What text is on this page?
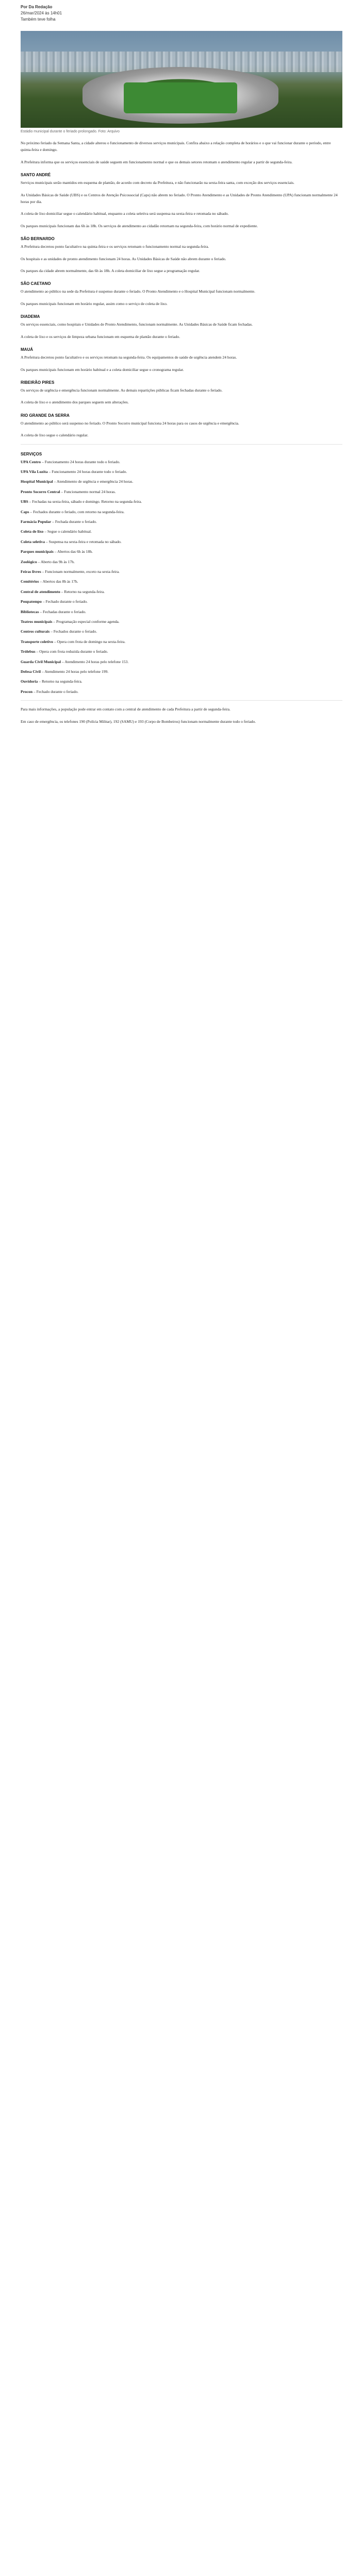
Por Da Redação
26/mar/2024 às 14h01
Também teve folha
Estádio municipal durante o feriado prolongado. Foto: Arquivo

No próximo feriado da Semana Santa, a cidade alterou o funcionamento de diversos serviços municipais. Confira abaixo a relação completa de horários e o que vai funcionar durante o período, entre quinta-feira e domingo.

A Prefeitura informa que os serviços essenciais de saúde seguem em funcionamento normal e que os demais setores retomam o atendimento regular a partir de segunda-feira.

SANTO ANDRÉ

Serviços municipais serão mantidos em esquema de plantão, de acordo com decreto da Prefeitura, e não funcionarão na sexta-feira santa, com exceção dos serviços essenciais.

As Unidades Básicas de Saúde (UBS) e os Centros de Atenção Psicossocial (Caps) não abrem no feriado. O Pronto Atendimento e as Unidades de Pronto Atendimento (UPA) funcionam normalmente 24 horas por dia.

A coleta de lixo domiciliar segue o calendário habitual, enquanto a coleta seletiva será suspensa na sexta-feira e retomada no sábado.

Os parques municipais funcionam das 6h às 18h. Os serviços de atendimento ao cidadão retornam na segunda-feira, com horário normal de expediente.

SÃO BERNARDO

A Prefeitura decretou ponto facultativo na quinta-feira e os serviços retomam o funcionamento normal na segunda-feira.

Os hospitais e as unidades de pronto atendimento funcionam 24 horas. As Unidades Básicas de Saúde não abrem durante o feriado.

Os parques da cidade abrem normalmente, das 6h às 18h. A coleta domiciliar de lixo segue a programação regular.

SÃO CAETANO

O atendimento ao público na sede da Prefeitura é suspenso durante o feriado. O Pronto Atendimento e o Hospital Municipal funcionam normalmente.

Os parques municipais funcionam em horário regular, assim como o serviço de coleta de lixo.

DIADEMA

Os serviços essenciais, como hospitais e Unidades de Pronto Atendimento, funcionam normalmente. As Unidades Básicas de Saúde ficam fechadas.

A coleta de lixo e os serviços de limpeza urbana funcionam em esquema de plantão durante o feriado.

MAUÁ

A Prefeitura decretou ponto facultativo e os serviços retomam na segunda-feira. Os equipamentos de saúde de urgência atendem 24 horas.

Os parques municipais funcionam em horário habitual e a coleta domiciliar segue o cronograma regular.

RIBEIRÃO PIRES

Os serviços de urgência e emergência funcionam normalmente. As demais repartições públicas ficam fechadas durante o feriado.

A coleta de lixo e o atendimento dos parques seguem sem alterações.

RIO GRANDE DA SERRA

O atendimento ao público será suspenso no feriado. O Pronto Socorro municipal funciona 24 horas para os casos de urgência e emergência.

A coleta de lixo segue o calendário regular.

SERVIÇOS
UPA Centro – Funcionamento 24 horas durante todo o feriado.
UPA Vila Luzita – Funcionamento 24 horas durante todo o feriado.
Hospital Municipal – Atendimento de urgência e emergência 24 horas.
Pronto Socorro Central – Funcionamento normal 24 horas.
UBS – Fechadas na sexta-feira, sábado e domingo. Retorno na segunda-feira.
Caps – Fechados durante o feriado, com retorno na segunda-feira.
Farmácia Popular – Fechada durante o feriado.
Coleta de lixo – Segue o calendário habitual.
Coleta seletiva – Suspensa na sexta-feira e retomada no sábado.
Parques municipais – Abertos das 6h às 18h.
Zoológico – Aberto das 9h às 17h.
Feiras livres – Funcionam normalmente, exceto na sexta-feira.
Cemitérios – Abertos das 8h às 17h.
Central de atendimento – Retorno na segunda-feira.
Poupatempo – Fechado durante o feriado.
Bibliotecas – Fechadas durante o feriado.
Teatros municipais – Programação especial conforme agenda.
Centros culturais – Fechados durante o feriado.
Transporte coletivo – Opera com frota de domingo na sexta-feira.
Trólebus – Opera com frota reduzida durante o feriado.
Guarda Civil Municipal – Atendimento 24 horas pelo telefone 153.
Defesa Civil – Atendimento 24 horas pelo telefone 199.
Ouvidoria – Retorno na segunda-feira.
Procon – Fechado durante o feriado.

Para mais informações, a população pode entrar em contato com a central de atendimento de cada Prefeitura a partir de segunda-feira.

Em caso de emergência, os telefones 190 (Polícia Militar), 192 (SAMU) e 193 (Corpo de Bombeiros) funcionam normalmente durante todo o feriado.
